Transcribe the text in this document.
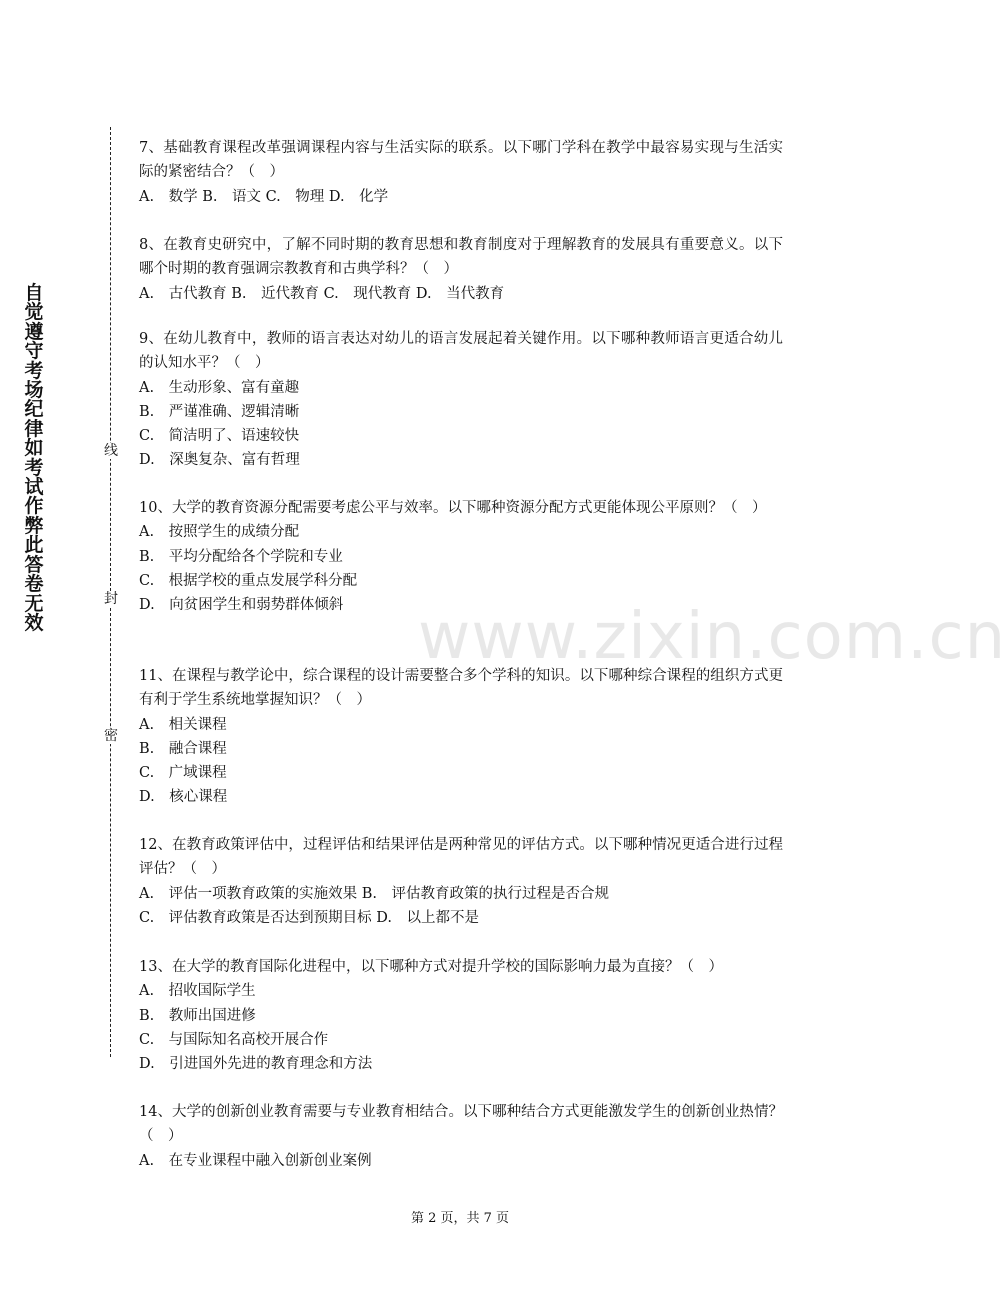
自觉遵守考场纪律如考试作弊此答卷无效
线
封
密

7、基础教育课程改革强调课程内容与生活实际的联系。以下哪门学科在教学中最容易实现与生活实际的紧密结合？（　）

A.　数学 B.　语文 C.　物理 D.　化学

8、在教育史研究中，了解不同时期的教育思想和教育制度对于理解教育的发展具有重要意义。以下哪个时期的教育强调宗教教育和古典学科？（　）

A.　古代教育 B.　近代教育 C.　现代教育 D.　当代教育

9、在幼儿教育中，教师的语言表达对幼儿的语言发展起着关键作用。以下哪种教师语言更适合幼儿的认知水平？（　）

A.　生动形象、富有童趣

B.　严谨准确、逻辑清晰

C.　简洁明了、语速较快

D.　深奥复杂、富有哲理

10、大学的教育资源分配需要考虑公平与效率。以下哪种资源分配方式更能体现公平原则？（　）

A.　按照学生的成绩分配

B.　平均分配给各个学院和专业

C.　根据学校的重点发展学科分配

D.　向贫困学生和弱势群体倾斜

11、在课程与教学论中，综合课程的设计需要整合多个学科的知识。以下哪种综合课程的组织方式更有利于学生系统地掌握知识？（　）

A.　相关课程

B.　融合课程

C.　广域课程

D.　核心课程

12、在教育政策评估中，过程评估和结果评估是两种常见的评估方式。以下哪种情况更适合进行过程评估？（　）

A.　评估一项教育政策的实施效果 B.　评估教育政策的执行过程是否合规

C.　评估教育政策是否达到预期目标 D.　以上都不是

13、在大学的教育国际化进程中，以下哪种方式对提升学校的国际影响力最为直接？（　）

A.　招收国际学生

B.　教师出国进修

C.　与国际知名高校开展合作

D.　引进国外先进的教育理念和方法

14、大学的创新创业教育需要与专业教育相结合。以下哪种结合方式更能激发学生的创新创业热情？（　）

A.　在专业课程中融入创新创业案例

www.zixin.com.cn
第 2 页，共 7 页
